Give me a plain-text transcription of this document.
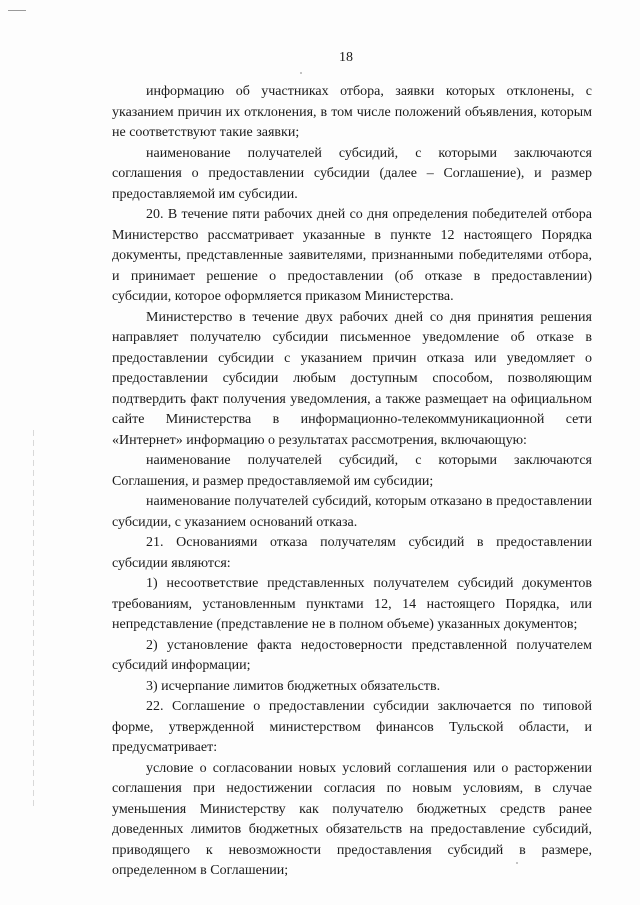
18

информацию об участниках отбора, заявки которых отклонены, с указанием причин их отклонения, в том числе положений объявления, которым не соответствуют такие заявки;

наименование получателей субсидий, с которыми заключаются соглашения о предоставлении субсидии (далее – Соглашение), и размер предоставляемой им субсидии.

20. В течение пяти рабочих дней со дня определения победителей отбора Министерство рассматривает указанные в пункте 12 настоящего Порядка документы, представленные заявителями, признанными победителями отбора, и принимает решение о предоставлении (об отказе в предоставлении) субсидии, которое оформляется приказом Министерства.

Министерство в течение двух рабочих дней со дня принятия решения направляет получателю субсидии письменное уведомление об отказе в предоставлении субсидии с указанием причин отказа или уведомляет о предоставлении субсидии любым доступным способом, позволяющим подтвердить факт получения уведомления, а также размещает на официальном сайте Министерства в информационно-телекоммуникационной сети «Интернет» информацию о результатах рассмотрения, включающую:

наименование получателей субсидий, с которыми заключаются Соглашения, и размер предоставляемой им субсидии;

наименование получателей субсидий, которым отказано в предоставлении субсидии, с указанием оснований отказа.

21. Основаниями отказа получателям субсидий в предоставлении субсидии являются:

1) несоответствие представленных получателем субсидий документов требованиям, установленным пунктами 12, 14 настоящего Порядка, или непредставление (представление не в полном объеме) указанных документов;

2) установление факта недостоверности представленной получателем субсидий информации;

3) исчерпание лимитов бюджетных обязательств.

22. Соглашение о предоставлении субсидии заключается по типовой форме, утвержденной министерством финансов Тульской области, и предусматривает:

условие о согласовании новых условий соглашения или о расторжении соглашения при недостижении согласия по новым условиям, в случае уменьшения Министерству как получателю бюджетных средств ранее доведенных лимитов бюджетных обязательств на предоставление субсидий, приводящего к невозможности предоставления субсидий в размере, определенном в Соглашении;
